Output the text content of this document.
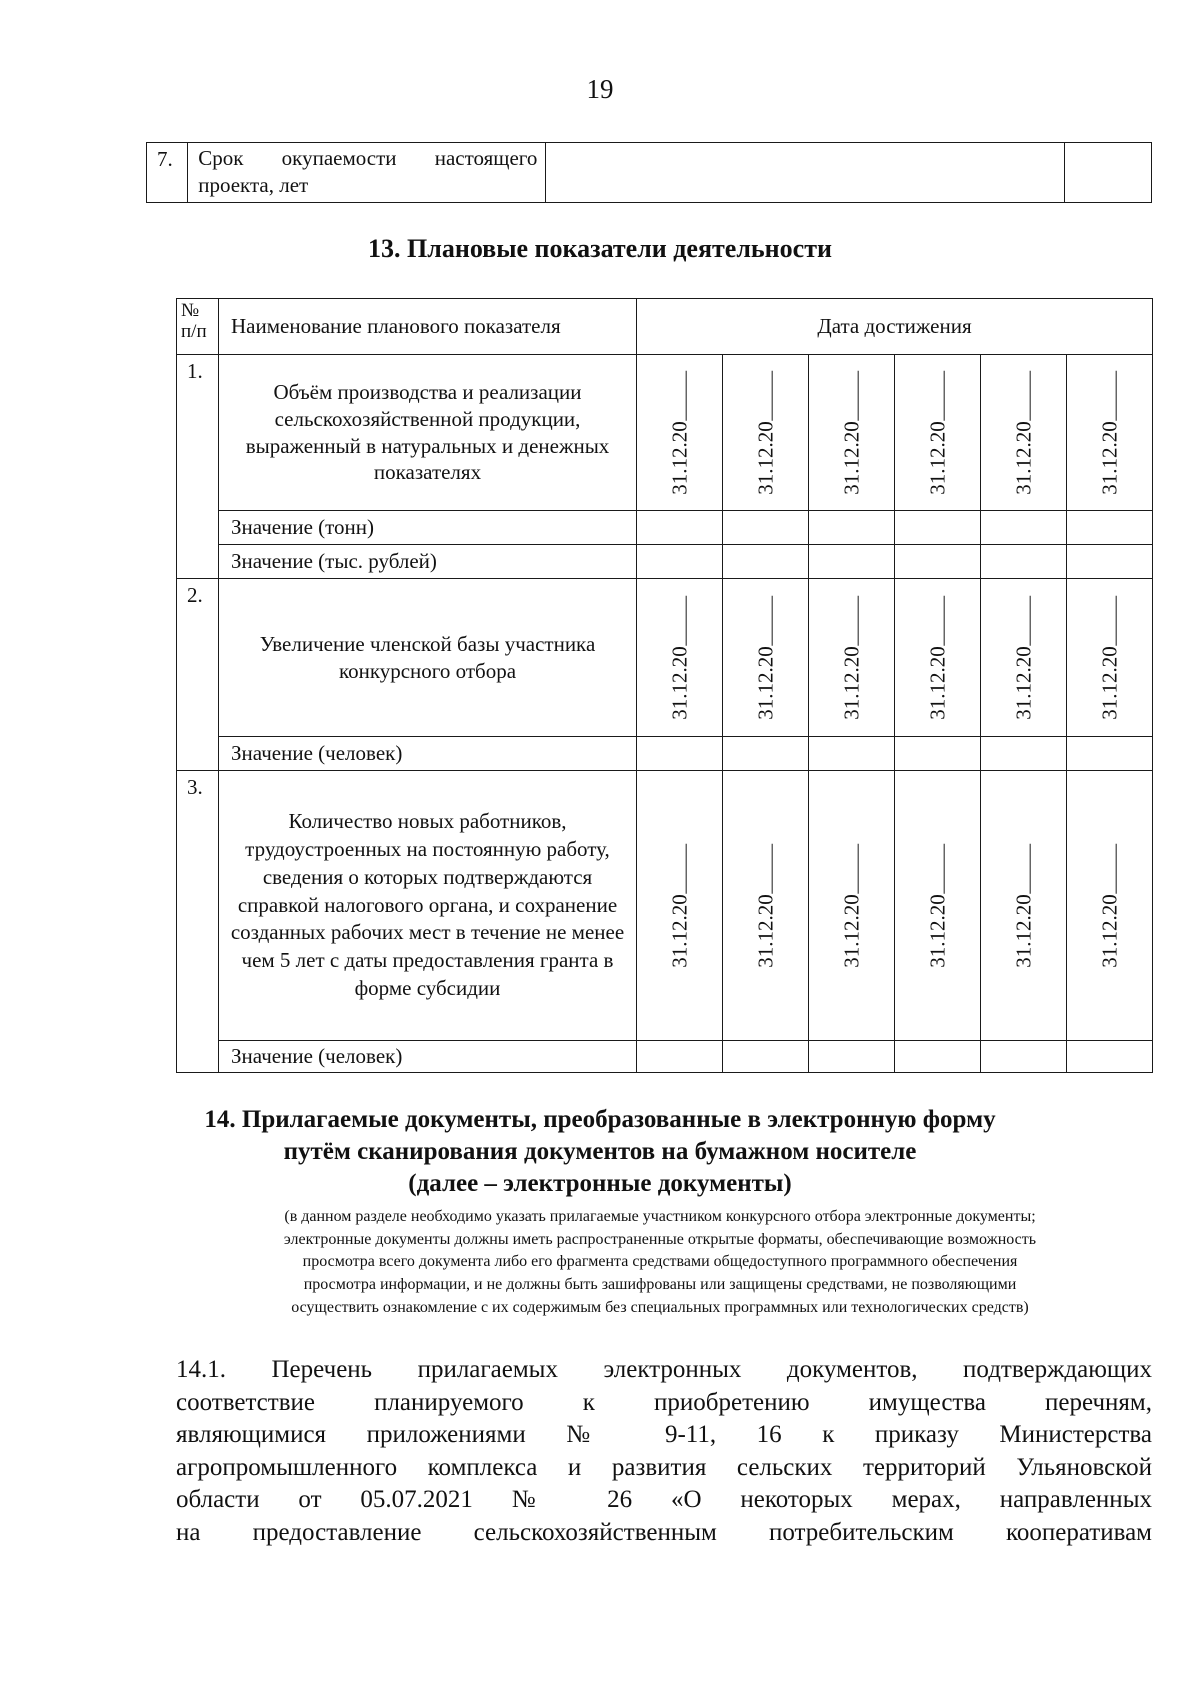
19
7.	Срок окупаемости настоящего проекта, лет		
13. Плановые показатели деятельности
№ п/п	Наименование планового показателя	Дата достижения					
1.	Объём производства и реализации сельскохозяйственной продукции, выраженный в натуральных и денежных показателях	31.12.20	31.12.20	31.12.20	31.12.20	31.12.20	31.12.20

	Значение (тонн)						
	Значение (тыс. рублей)						
2.	Увеличение членской базы участника конкурсного отбора	31.12.20	31.12.20	31.12.20	31.12.20	31.12.20	31.12.20

	Значение (человек)						
3.	Количество новых работников, трудоустроенных на постоянную работу, сведения о которых подтверждаются справкой налогового органа, и сохранение созданных рабочих мест в течение не менее чем 5 лет с даты предоставления гранта в форме субсидии	31.12.20	31.12.20	31.12.20	31.12.20	31.12.20	31.12.20

	Значение (человек)						
14. Прилагаемые документы, преобразованные в электронную форму
путём сканирования документов на бумажном носителе
(далее – электронные документы)
(в данном разделе необходимо указать прилагаемые участником конкурсного отбора электронные документы;
электронные документы должны иметь распространенные открытые форматы, обеспечивающие возможность
просмотра всего документа либо его фрагмента средствами общедоступного программного обеспечения
просмотра информации, и не должны быть зашифрованы или защищены средствами, не позволяющими
осуществить ознакомление с их содержимым без специальных программных или технологических средств)
14.1. Перечень прилагаемых электронных документов, подтверждающих
соответствие планируемого к приобретению имущества перечням,
являющимися приложениями № 9-11, 16 к приказу Министерства
агропромышленного комплекса и развития сельских территорий Ульяновской
области от 05.07.2021 № 26 «О некоторых мерах, направленных
на предоставление сельскохозяйственным потребительским кооперативам
